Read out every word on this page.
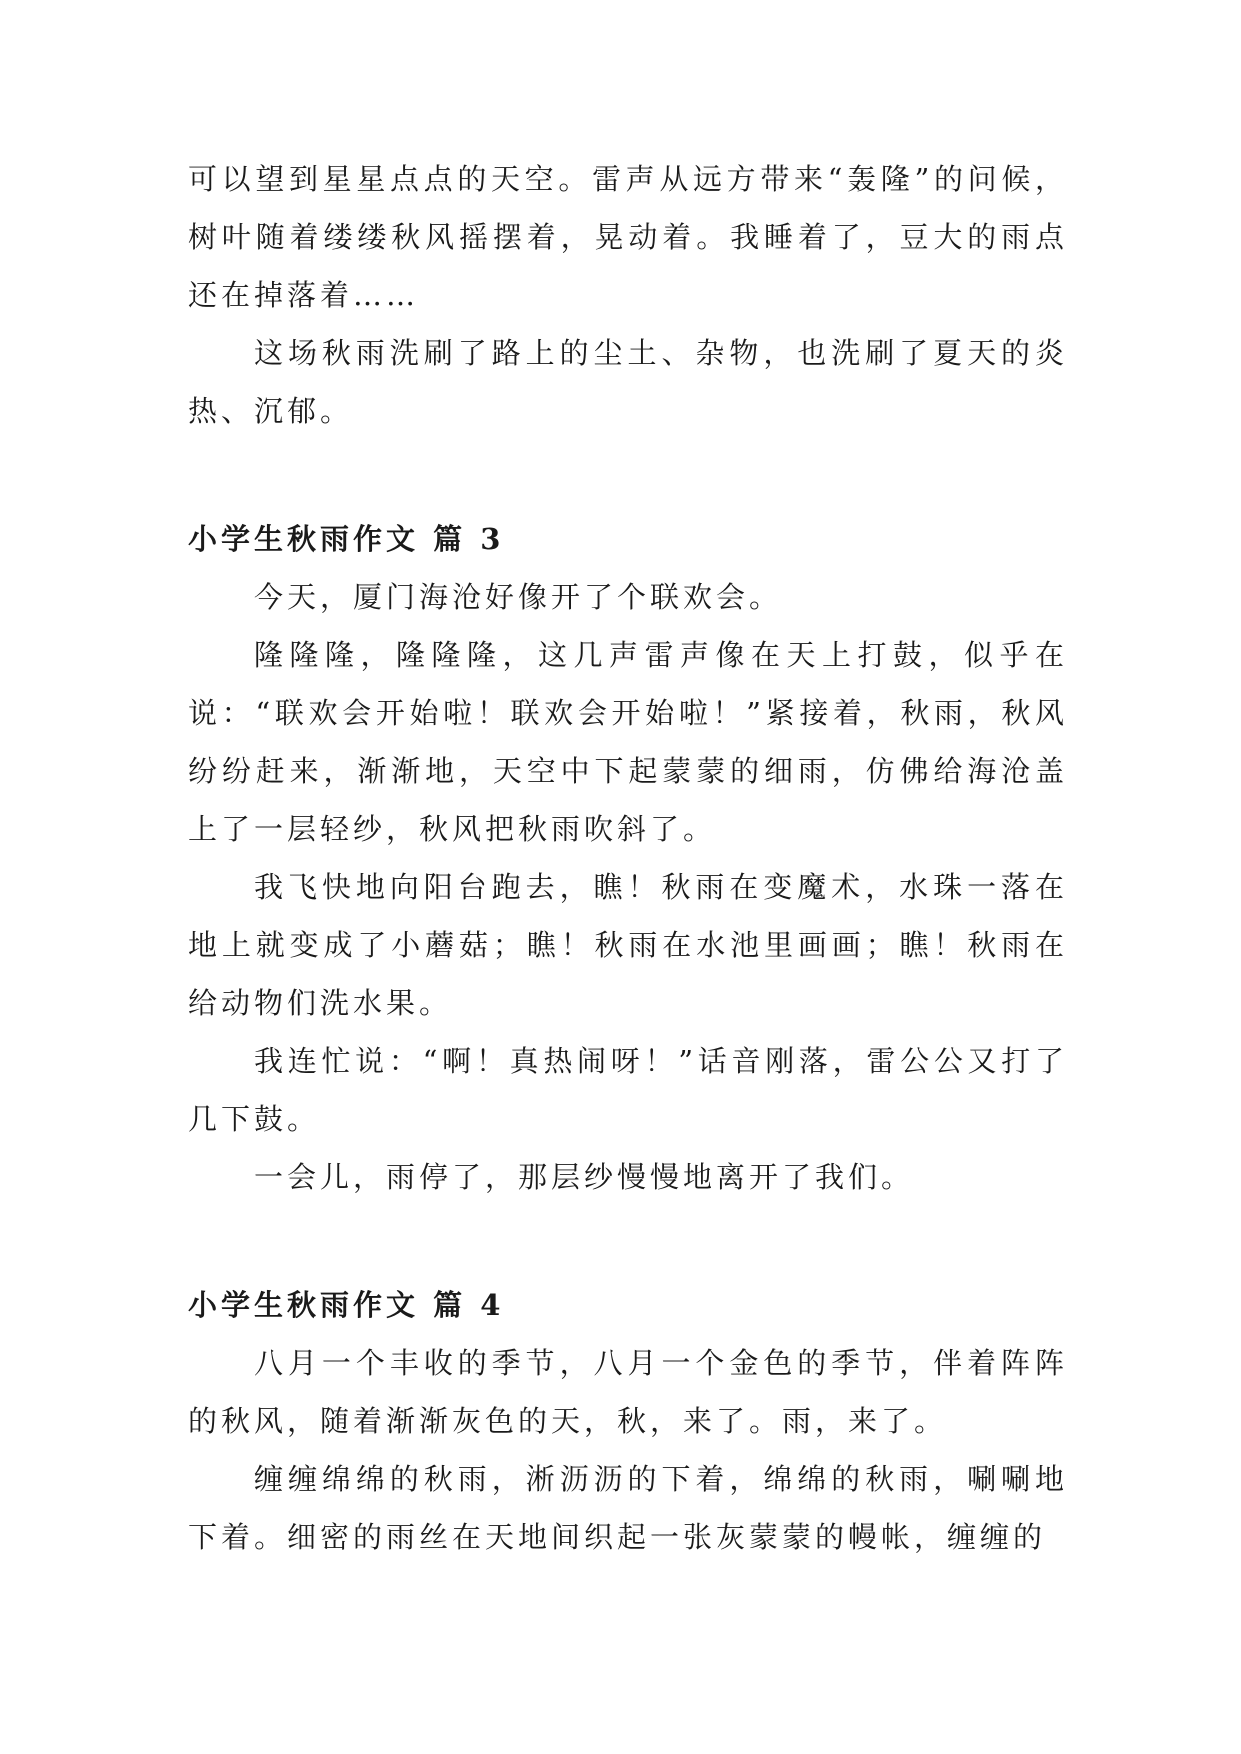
可以望到星星点点的天空。雷声从远方带来“轰隆”的问候，树叶随着缕缕秋风摇摆着，晃动着。我睡着了，豆大的雨点还在掉落着……

这场秋雨洗刷了路上的尘土、杂物，也洗刷了夏天的炎热、沉郁。

小学生秋雨作文 篇 3

今天，厦门海沧好像开了个联欢会。

隆隆隆，隆隆隆，这几声雷声像在天上打鼓，似乎在说：“联欢会开始啦！联欢会开始啦！”紧接着，秋雨，秋风纷纷赶来，渐渐地，天空中下起蒙蒙的细雨，仿佛给海沧盖上了一层轻纱，秋风把秋雨吹斜了。

我飞快地向阳台跑去，瞧！秋雨在变魔术，水珠一落在地上就变成了小蘑菇；瞧！秋雨在水池里画画；瞧！秋雨在给动物们洗水果。

我连忙说：“啊！真热闹呀！”话音刚落，雷公公又打了几下鼓。

一会儿，雨停了，那层纱慢慢地离开了我们。

小学生秋雨作文 篇 4

八月一个丰收的季节，八月一个金色的季节，伴着阵阵的秋风，随着渐渐灰色的天，秋，来了。雨，来了。

缠缠绵绵的秋雨，淅沥沥的下着，绵绵的秋雨，唰唰地下着。细密的雨丝在天地间织起一张灰蒙蒙的幔帐，缠缠的
